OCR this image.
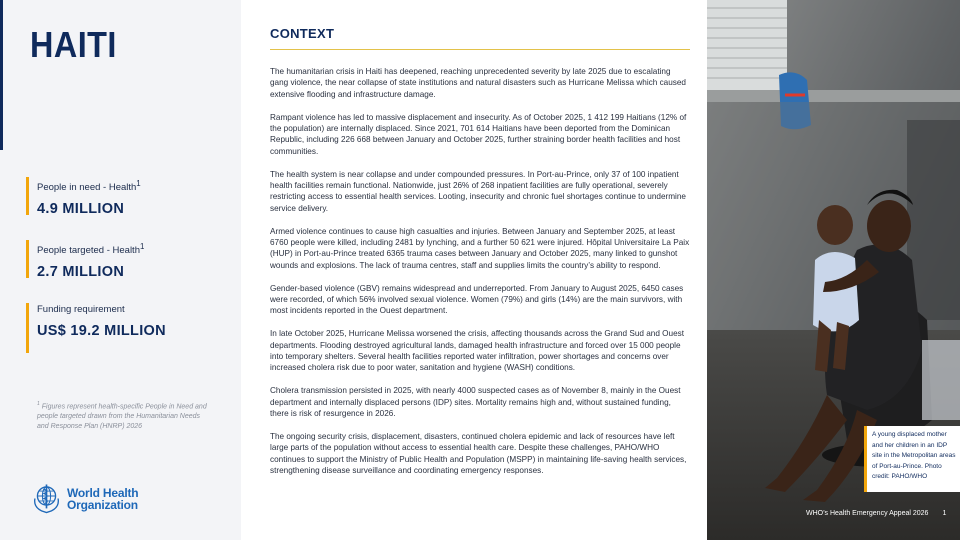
HAITI
People in need - Health$^1$
4.9 MILLION
People targeted - Health$^1$
2.7 MILLION
Funding requirement
US$ 19.2 MILLION
$^1$ Figures represent health-specific People in Need and people targeted drawn from the Humanitarian Needs and Response Plan (HNRP) 2026
World Health
Organization
CONTEXT

The humanitarian crisis in Haiti has deepened, reaching unprecedented severity by late 2025 due to escalating gang violence, the near collapse of state institutions and natural disasters such as Hurricane Melissa which caused extensive flooding and infrastructure damage.

Rampant violence has led to massive displacement and insecurity. As of October 2025, 1 412 199 Haitians (12% of the population) are internally displaced. Since 2021, 701 614 Haitians have been deported from the Dominican Republic, including 226 668 between January and October 2025, further straining border health facilities and host communities.

The health system is near collapse and under compounded pressures. In Port-au-Prince, only 37 of 100 inpatient health facilities remain functional. Nationwide, just 26% of 268 inpatient facilities are fully operational, severely restricting access to essential health services. Looting, insecurity and chronic fuel shortages continue to undermine service delivery.

Armed violence continues to cause high casualties and injuries. Between January and September 2025, at least 6760 people were killed, including 2481 by lynching, and a further 50 621 were injured. Hôpital Universitaire La Paix (HUP) in Port-au-Prince treated 6365 trauma cases between January and October 2025, many linked to gunshot wounds and explosions. The lack of trauma centres, staff and supplies limits the country’s ability to respond.

Gender-based violence (GBV) remains widespread and underreported. From January to August 2025, 6450 cases were recorded, of which 56% involved sexual violence. Women (79%) and girls (14%) are the main survivors, with most incidents reported in the Ouest department.

In late October 2025, Hurricane Melissa worsened the crisis, affecting thousands across the Grand Sud and Ouest departments. Flooding destroyed agricultural lands, damaged health infrastructure and forced over 15 000 people into temporary shelters. Several health facilities reported water infiltration, power shortages and concerns over increased cholera risk due to poor water, sanitation and hygiene (WASH) conditions.

Cholera transmission persisted in 2025, with nearly 4000 suspected cases as of November 8, mainly in the Ouest department and internally displaced persons (IDP) sites. Mortality remains high and, without sustained funding, there is risk of resurgence in 2026.

The ongoing security crisis, displacement, disasters, continued cholera epidemic and lack of resources have left large parts of the population without access to essential health care. Despite these challenges, PAHO/WHO continues to support the Ministry of Public Health and Population (MSPP) in maintaining life-saving health services, strengthening disease surveillance and coordinating emergency responses.

A young displaced mother and her children in an IDP site in the Metropolitan areas of Port-au-Prince. Photo credit: PAHO/WHO
WHO’s Health Emergency Appeal 2026 1
